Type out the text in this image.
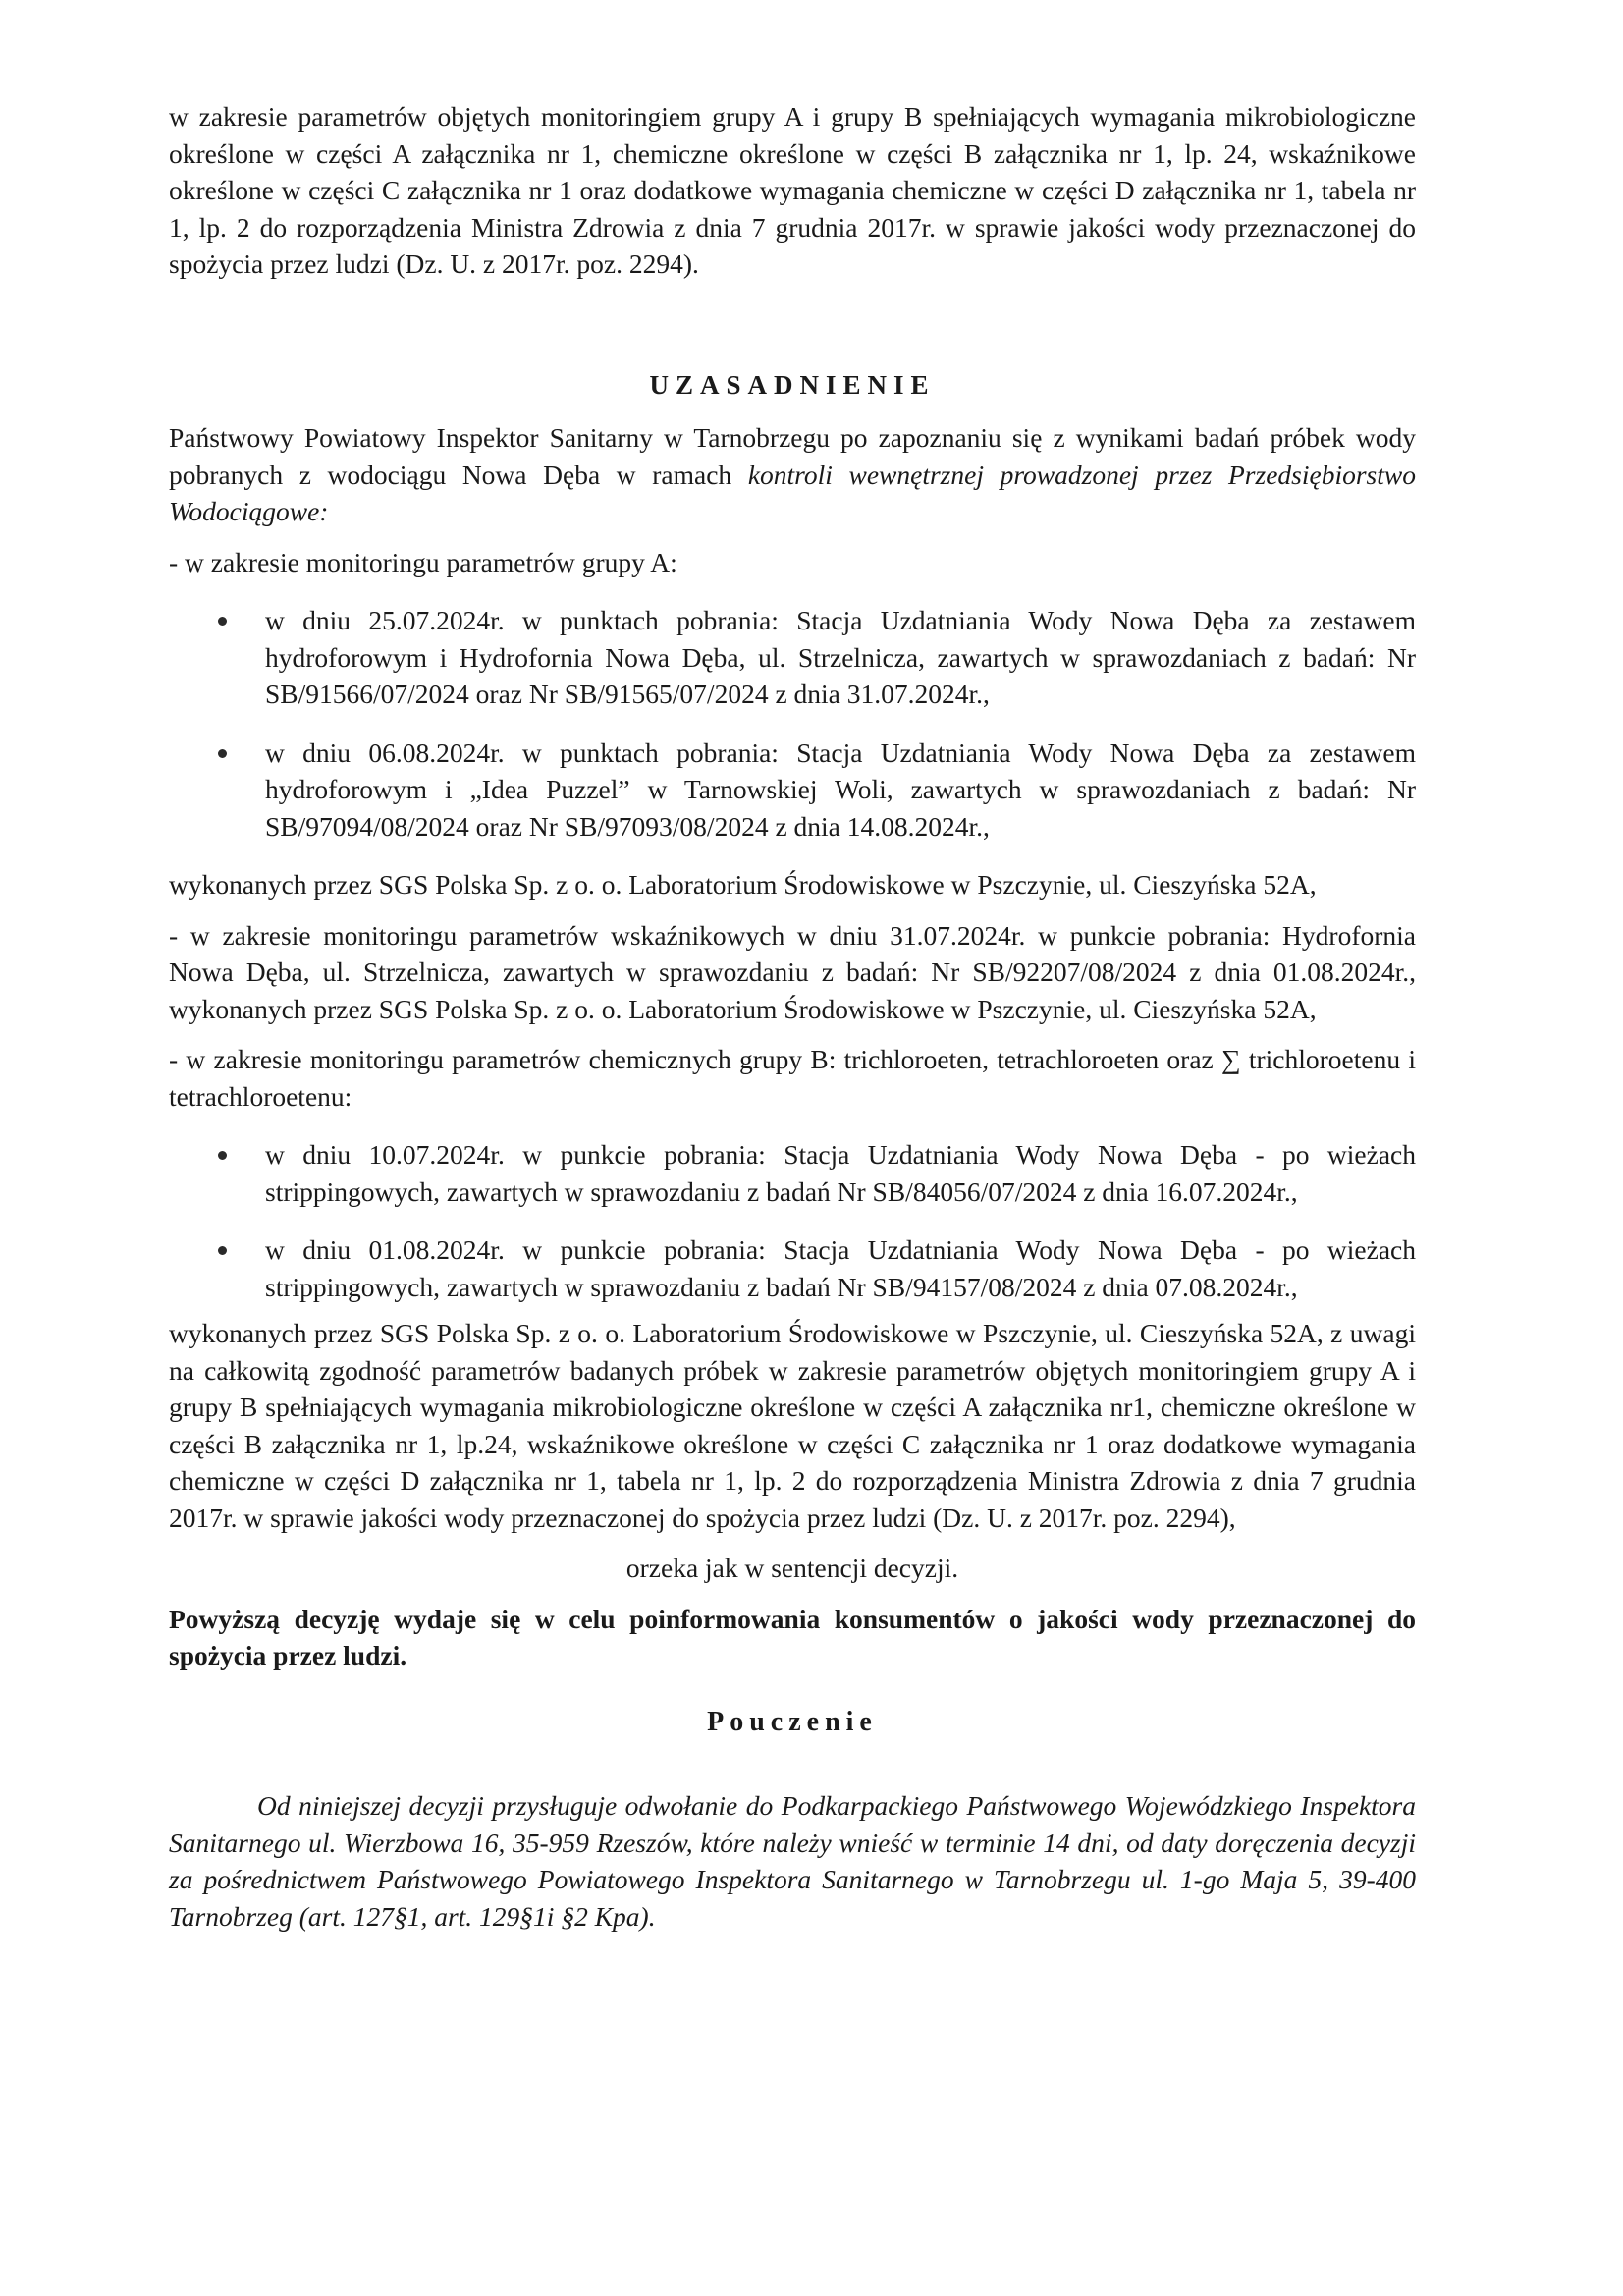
w zakresie parametrów objętych monitoringiem grupy A i grupy B spełniających wymagania mikrobiologiczne określone w części A załącznika nr 1, chemiczne określone w części B załącznika nr 1, lp. 24, wskaźnikowe określone w części C załącznika nr 1 oraz dodatkowe wymagania chemiczne w części D załącznika nr 1, tabela nr 1, lp. 2 do rozporządzenia Ministra Zdrowia z dnia 7 grudnia 2017r. w sprawie jakości wody przeznaczonej do spożycia przez ludzi (Dz. U. z 2017r. poz. 2294).

UZASADNIENIE

Państwowy Powiatowy Inspektor Sanitarny w Tarnobrzegu po zapoznaniu się z wynikami badań próbek wody pobranych z wodociągu Nowa Dęba w ramach kontroli wewnętrznej prowadzonej przez Przedsiębiorstwo Wodociągowe:

- w zakresie monitoringu parametrów grupy A:

w dniu 25.07.2024r. w punktach pobrania: Stacja Uzdatniania Wody Nowa Dęba za zestawem hydroforowym i Hydrofornia Nowa Dęba, ul. Strzelnicza, zawartych w sprawozdaniach z badań: Nr SB/91566/07/2024 oraz Nr SB/91565/07/2024 z dnia 31.07.2024r.,
w dniu 06.08.2024r. w punktach pobrania: Stacja Uzdatniania Wody Nowa Dęba za zestawem hydroforowym i „Idea Puzzel” w Tarnowskiej Woli, zawartych w sprawozdaniach z badań: Nr SB/97094/08/2024 oraz Nr SB/97093/08/2024 z dnia 14.08.2024r.,

wykonanych przez SGS Polska Sp. z o. o. Laboratorium Środowiskowe w Pszczynie, ul. Cieszyńska 52A,

- w zakresie monitoringu parametrów wskaźnikowych w dniu 31.07.2024r. w punkcie pobrania: Hydrofornia Nowa Dęba, ul. Strzelnicza, zawartych w sprawozdaniu z badań: Nr SB/92207/08/2024 z dnia 01.08.2024r., wykonanych przez SGS Polska Sp. z o. o. Laboratorium Środowiskowe w Pszczynie, ul. Cieszyńska 52A,

- w zakresie monitoringu parametrów chemicznych grupy B: trichloroeten, tetrachloroeten oraz ∑ trichloroetenu i tetrachloroetenu:

w dniu 10.07.2024r. w punkcie pobrania: Stacja Uzdatniania Wody Nowa Dęba - po wieżach strippingowych, zawartych w sprawozdaniu z badań Nr SB/84056/07/2024 z dnia 16.07.2024r.,
w dniu 01.08.2024r. w punkcie pobrania: Stacja Uzdatniania Wody Nowa Dęba - po wieżach strippingowych, zawartych w sprawozdaniu z badań Nr SB/94157/08/2024 z dnia 07.08.2024r.,

wykonanych przez SGS Polska Sp. z o. o. Laboratorium Środowiskowe w Pszczynie, ul. Cieszyńska 52A, z uwagi na całkowitą zgodność parametrów badanych próbek w zakresie parametrów objętych monitoringiem grupy A i grupy B spełniających wymagania mikrobiologiczne określone w części A załącznika nr1, chemiczne określone w części B załącznika nr 1, lp.24, wskaźnikowe określone w części C załącznika nr 1 oraz dodatkowe wymagania chemiczne w części D załącznika nr 1, tabela nr 1, lp. 2 do rozporządzenia Ministra Zdrowia z dnia 7 grudnia 2017r. w sprawie jakości wody przeznaczonej do spożycia przez ludzi (Dz. U. z 2017r. poz. 2294),

orzeka jak w sentencji decyzji.

Powyższą decyzję wydaje się w celu poinformowania konsumentów o jakości wody przeznaczonej do spożycia przez ludzi.

Pouczenie

Od niniejszej decyzji przysługuje odwołanie do Podkarpackiego Państwowego Wojewódzkiego Inspektora Sanitarnego ul. Wierzbowa 16, 35-959 Rzeszów, które należy wnieść w terminie 14 dni, od daty doręczenia decyzji za pośrednictwem Państwowego Powiatowego Inspektora Sanitarnego w Tarnobrzegu ul. 1-go Maja 5, 39-400 Tarnobrzeg (art. 127§1, art. 129§1i §2 Kpa).
